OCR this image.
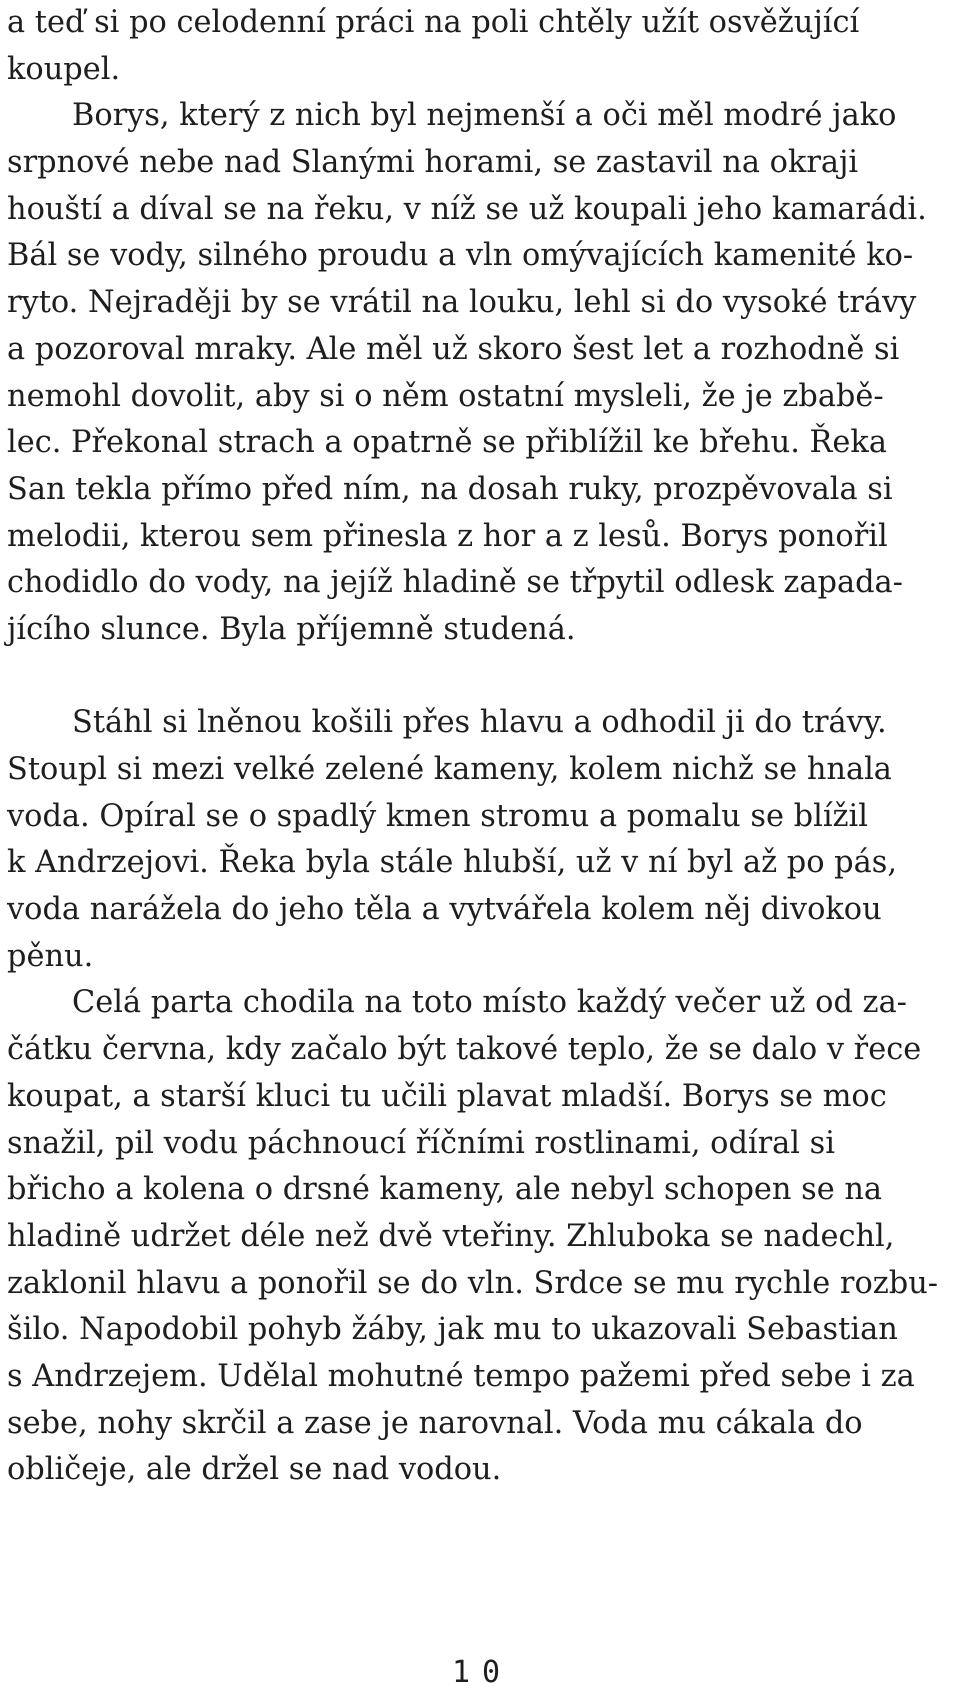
a teď si po celodenní práci na poli chtěly užít osvěžující
koupel.
Borys, který z nich byl nejmenší a oči měl modré jako
srpnové nebe nad Slanými horami, se zastavil na okraji
houští a díval se na řeku, v níž se už koupali jeho kamarádi.
Bál se vody, silného proudu a vln omývajících kamenité ko-
ryto. Nejraději by se vrátil na louku, lehl si do vysoké trávy
a pozoroval mraky. Ale měl už skoro šest let a rozhodně si
nemohl dovolit, aby si o něm ostatní mysleli, že je zbabě-
lec. Překonal strach a opatrně se přiblížil ke břehu. Řeka
San tekla přímo před ním, na dosah ruky, prozpěvovala si
melodii, kterou sem přinesla z hor a z lesů. Borys ponořil
chodidlo do vody, na jejíž hladině se třpytil odlesk zapada-
jícího slunce. Byla příjemně studená.
Stáhl si lněnou košili přes hlavu a odhodil ji do trávy.
Stoupl si mezi velké zelené kameny, kolem nichž se hnala
voda. Opíral se o spadlý kmen stromu a pomalu se blížil
k Andrzejovi. Řeka byla stále hlubší, už v ní byl až po pás,
voda narážela do jeho těla a vytvářela kolem něj divokou
pěnu.
Celá parta chodila na toto místo každý večer už od za-
čátku června, kdy začalo být takové teplo, že se dalo v řece
koupat, a starší kluci tu učili plavat mladší. Borys se moc
snažil, pil vodu páchnoucí říčními rostlinami, odíral si
břicho a kolena o drsné kameny, ale nebyl schopen se na
hladině udržet déle než dvě vteřiny. Zhluboka se nadechl,
zaklonil hlavu a ponořil se do vln. Srdce se mu rychle rozbu-
šilo. Napodobil pohyb žáby, jak mu to ukazovali Sebastian
s Andrzejem. Udělal mohutné tempo pažemi před sebe i za
sebe, nohy skrčil a zase je narovnal. Voda mu cákala do
obličeje, ale držel se nad vodou.
10
